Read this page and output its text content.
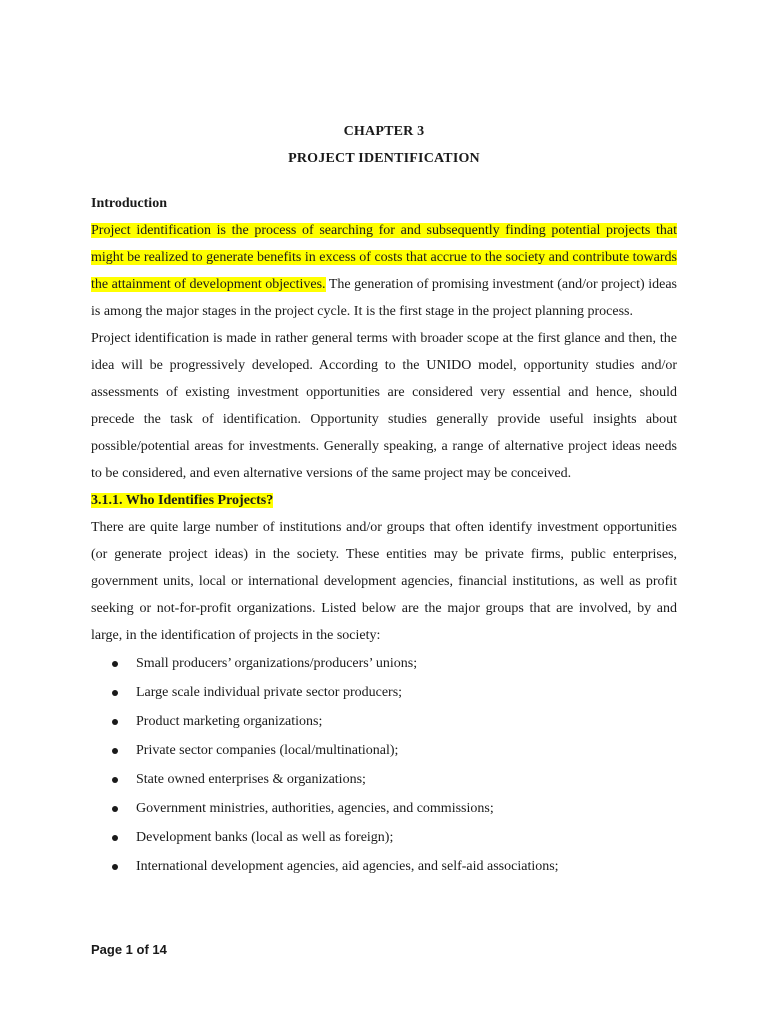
CHAPTER 3
PROJECT IDENTIFICATION

Introduction

Project identification is the process of searching for and subsequently finding potential projects that might be realized to generate benefits in excess of costs that accrue to the society and contribute towards the attainment of development objectives. The generation of promising investment (and/or project) ideas is among the major stages in the project cycle. It is the first stage in the project planning process.

Project identification is made in rather general terms with broader scope at the first glance and then, the idea will be progressively developed. According to the UNIDO model, opportunity studies and/or assessments of existing investment opportunities are considered very essential and hence, should precede the task of identification. Opportunity studies generally provide useful insights about possible/potential areas for investments. Generally speaking, a range of alternative project ideas needs to be considered, and even alternative versions of the same project may be conceived.

3.1.1. Who Identifies Projects?

There are quite large number of institutions and/or groups that often identify investment opportunities (or generate project ideas) in the society. These entities may be private firms, public enterprises, government units, local or international development agencies, financial institutions, as well as profit seeking or not-for-profit organizations. Listed below are the major groups that are involved, by and large, in the identification of projects in the society:

Small producers’ organizations/producers’ unions;
Large scale individual private sector producers;
Product marketing organizations;
Private sector companies (local/multinational);
State owned enterprises & organizations;
Government ministries, authorities, agencies, and commissions;
Development banks (local as well as foreign);
International development agencies, aid agencies, and self-aid associations;
Page 1 of 14
